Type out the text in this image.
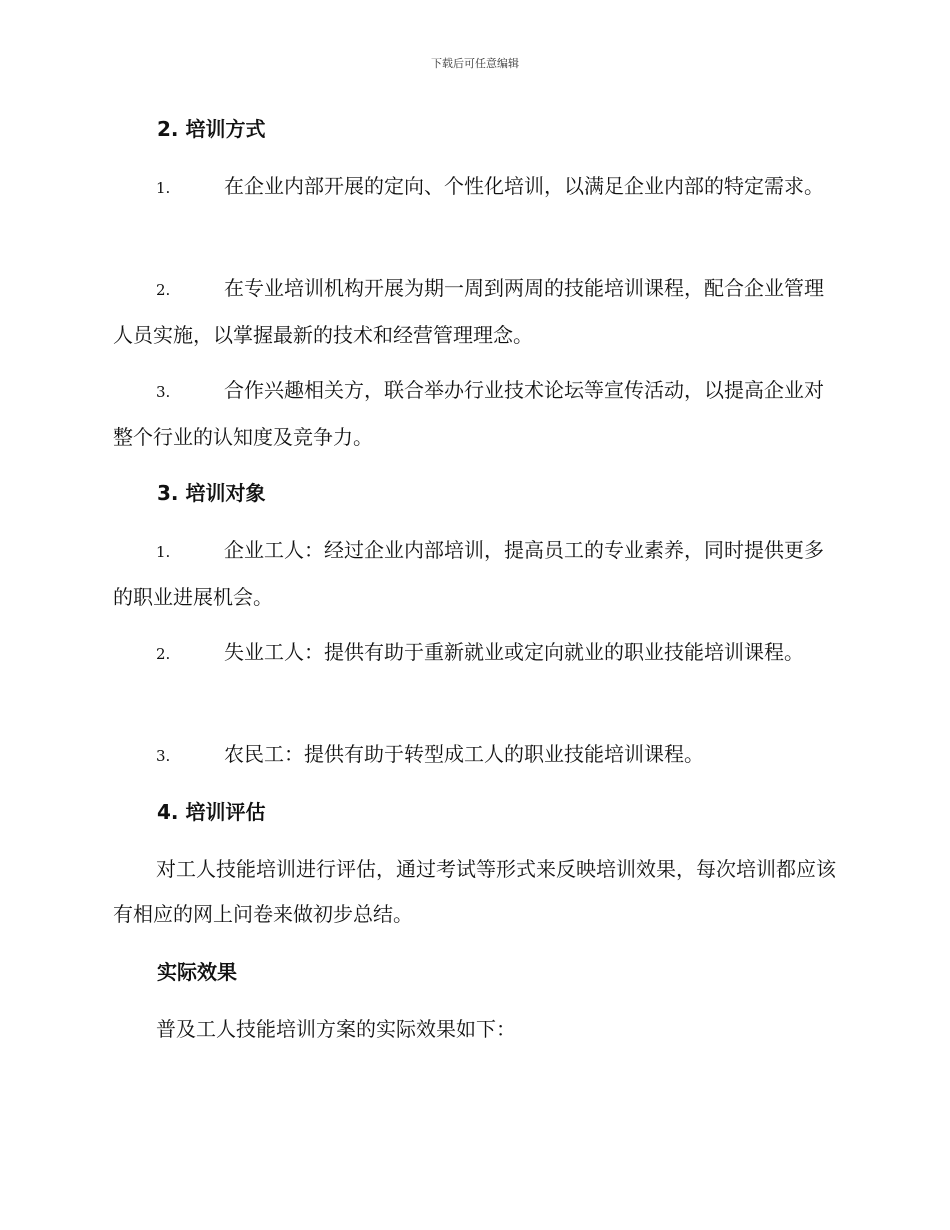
下载后可任意编辑
2. 培训方式
1.	在企业内部开展的定向、个性化培训，以满足企业内部的特定需求。
2.	在专业培训机构开展为期一周到两周的技能培训课程，配合企业管理人员实施，以掌握最新的技术和经营管理理念。
3.	合作兴趣相关方，联合举办行业技术论坛等宣传活动，以提高企业对整个行业的认知度及竞争力。
3. 培训对象
1.	企业工人：经过企业内部培训，提高员工的专业素养，同时提供更多的职业进展机会。
2.	失业工人：提供有助于重新就业或定向就业的职业技能培训课程。
3.	农民工：提供有助于转型成工人的职业技能培训课程。
4. 培训评估
对工人技能培训进行评估，通过考试等形式来反映培训效果，每次培训都应该有相应的网上问卷来做初步总结。
实际效果
普及工人技能培训方案的实际效果如下：
